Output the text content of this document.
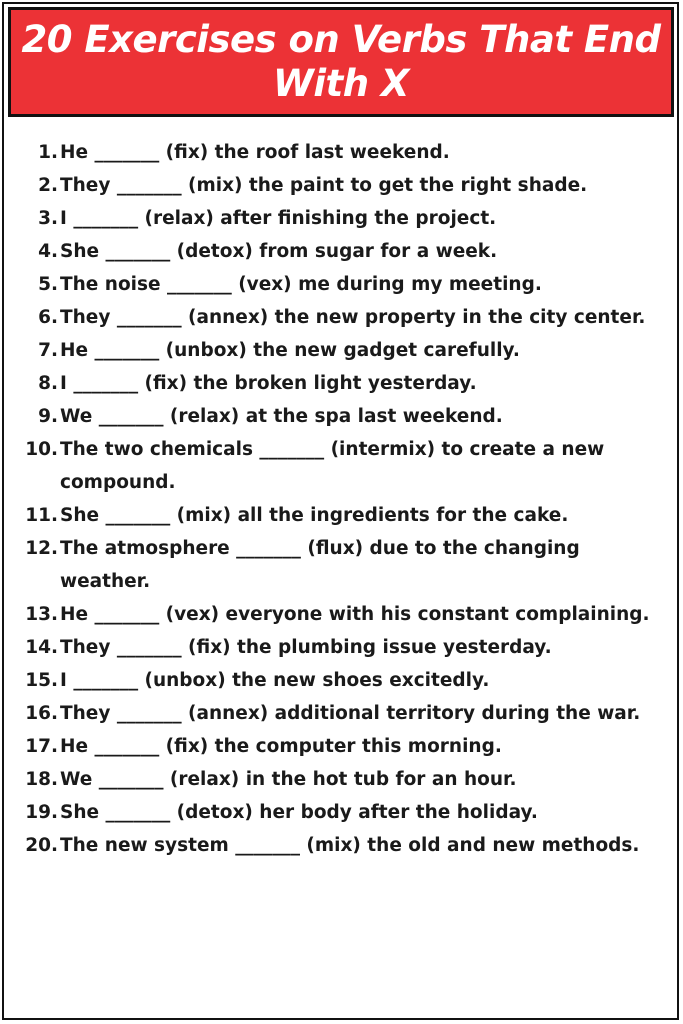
20 Exercises on Verbs That End With X
1. He _______ (fix) the roof last weekend.
2. They _______ (mix) the paint to get the right shade.
3. I _______ (relax) after finishing the project.
4. She _______ (detox) from sugar for a week.
5. The noise _______ (vex) me during my meeting.
6. They _______ (annex) the new property in the city center.
7. He _______ (unbox) the new gadget carefully.
8. I _______ (fix) the broken light yesterday.
9. We _______ (relax) at the spa last weekend.
10. The two chemicals _______ (intermix) to create a new compound.
11. She _______ (mix) all the ingredients for the cake.
12. The atmosphere _______ (flux) due to the changing weather.
13. He _______ (vex) everyone with his constant complaining.
14. They _______ (fix) the plumbing issue yesterday.
15. I _______ (unbox) the new shoes excitedly.
16. They _______ (annex) additional territory during the war.
17. He _______ (fix) the computer this morning.
18. We _______ (relax) in the hot tub for an hour.
19. She _______ (detox) her body after the holiday.
20. The new system _______ (mix) the old and new methods.
